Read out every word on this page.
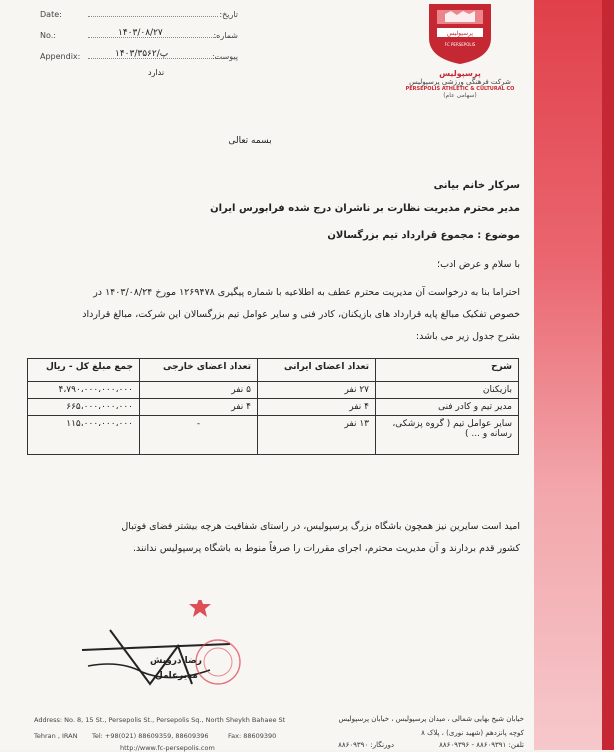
Date:	تاریخ:
No.:	۱۴۰۳/۰۸/۲۷	شماره:
Appendix:	۱۴۰۳/پ/۳۵۶۲	پیوست:
ندارد
پرسپولیس
FC PERSEPOLIS
پرسپولیس
شرکت فرهنگی ورزشی پرسپولیس
PERSEPOLIS ATHLETIC & CULTURAL CO
(سهامی عام)
بسمه تعالی
سرکار خانم بیانی
مدیر محترم مدیریت نظارت بر ناشران درج شده فرابورس ایران
موضوع : مجموع قرارداد تیم بزرگسالان
با سلام و عرض ادب؛
احتراما بنا به درخواست آن مدیریت محترم عطف به اطلاعیه با شماره پیگیری ۱۲۶۹۴۷۸ مورخ ۱۴۰۳/۰۸/۲۴ در
خصوص تفکیک مبالغ پایه قرارداد های بازیکنان، کادر فنی و سایر عوامل تیم بزرگسالان این شرکت، مبالغ قرارداد
بشرح جدول زیر می باشد:
شرح	تعداد اعضای ایرانی	تعداد اعضای خارجی	جمع مبلغ کل - ریال
بازیکنان	۲۷ نفر	۵ نفر	۴،۷۹۰،۰۰۰،۰۰۰،۰۰۰
مدیر تیم و کادر فنی	۴ نفر	۴ نفر	۶۶۵،۰۰۰،۰۰۰،۰۰۰
سایر عوامل تیم ( گروه پزشکی، رسانه و ... )	۱۳ نفر	-	۱۱۵،۰۰۰،۰۰۰،۰۰۰
امید است سایرین نیز همچون باشگاه بزرگ پرسپولیس، در راستای شفافیت هرچه بیشتر فضای فوتبال
کشور قدم بردارند و آن مدیریت محترم، اجرای مقررات را صرفاً منوط به باشگاه پرسپولیس ندانند.
رضا درویش
مدیرعامل
Address: No. 8, 15 St., Persepolis St., Persepolis Sq., North Sheykh Bahaee St
Tehran , IRAN Tel: +98(021) 88609359, 88609396	Fax: 88609390
http://www.fc-persepolis.com
خیابان شیخ بهایی شمالی ، میدان پرسپولیس ، خیابان پرسپولیس
کوچه پانزدهم (شهید نوری) ، پلاک ۸
تلفن: ۸۸۶۰۹۳۹۱ - ۸۸۶۰۹۳۹۶
دورنگار: ۸۸۶۰۹۳۹۰
